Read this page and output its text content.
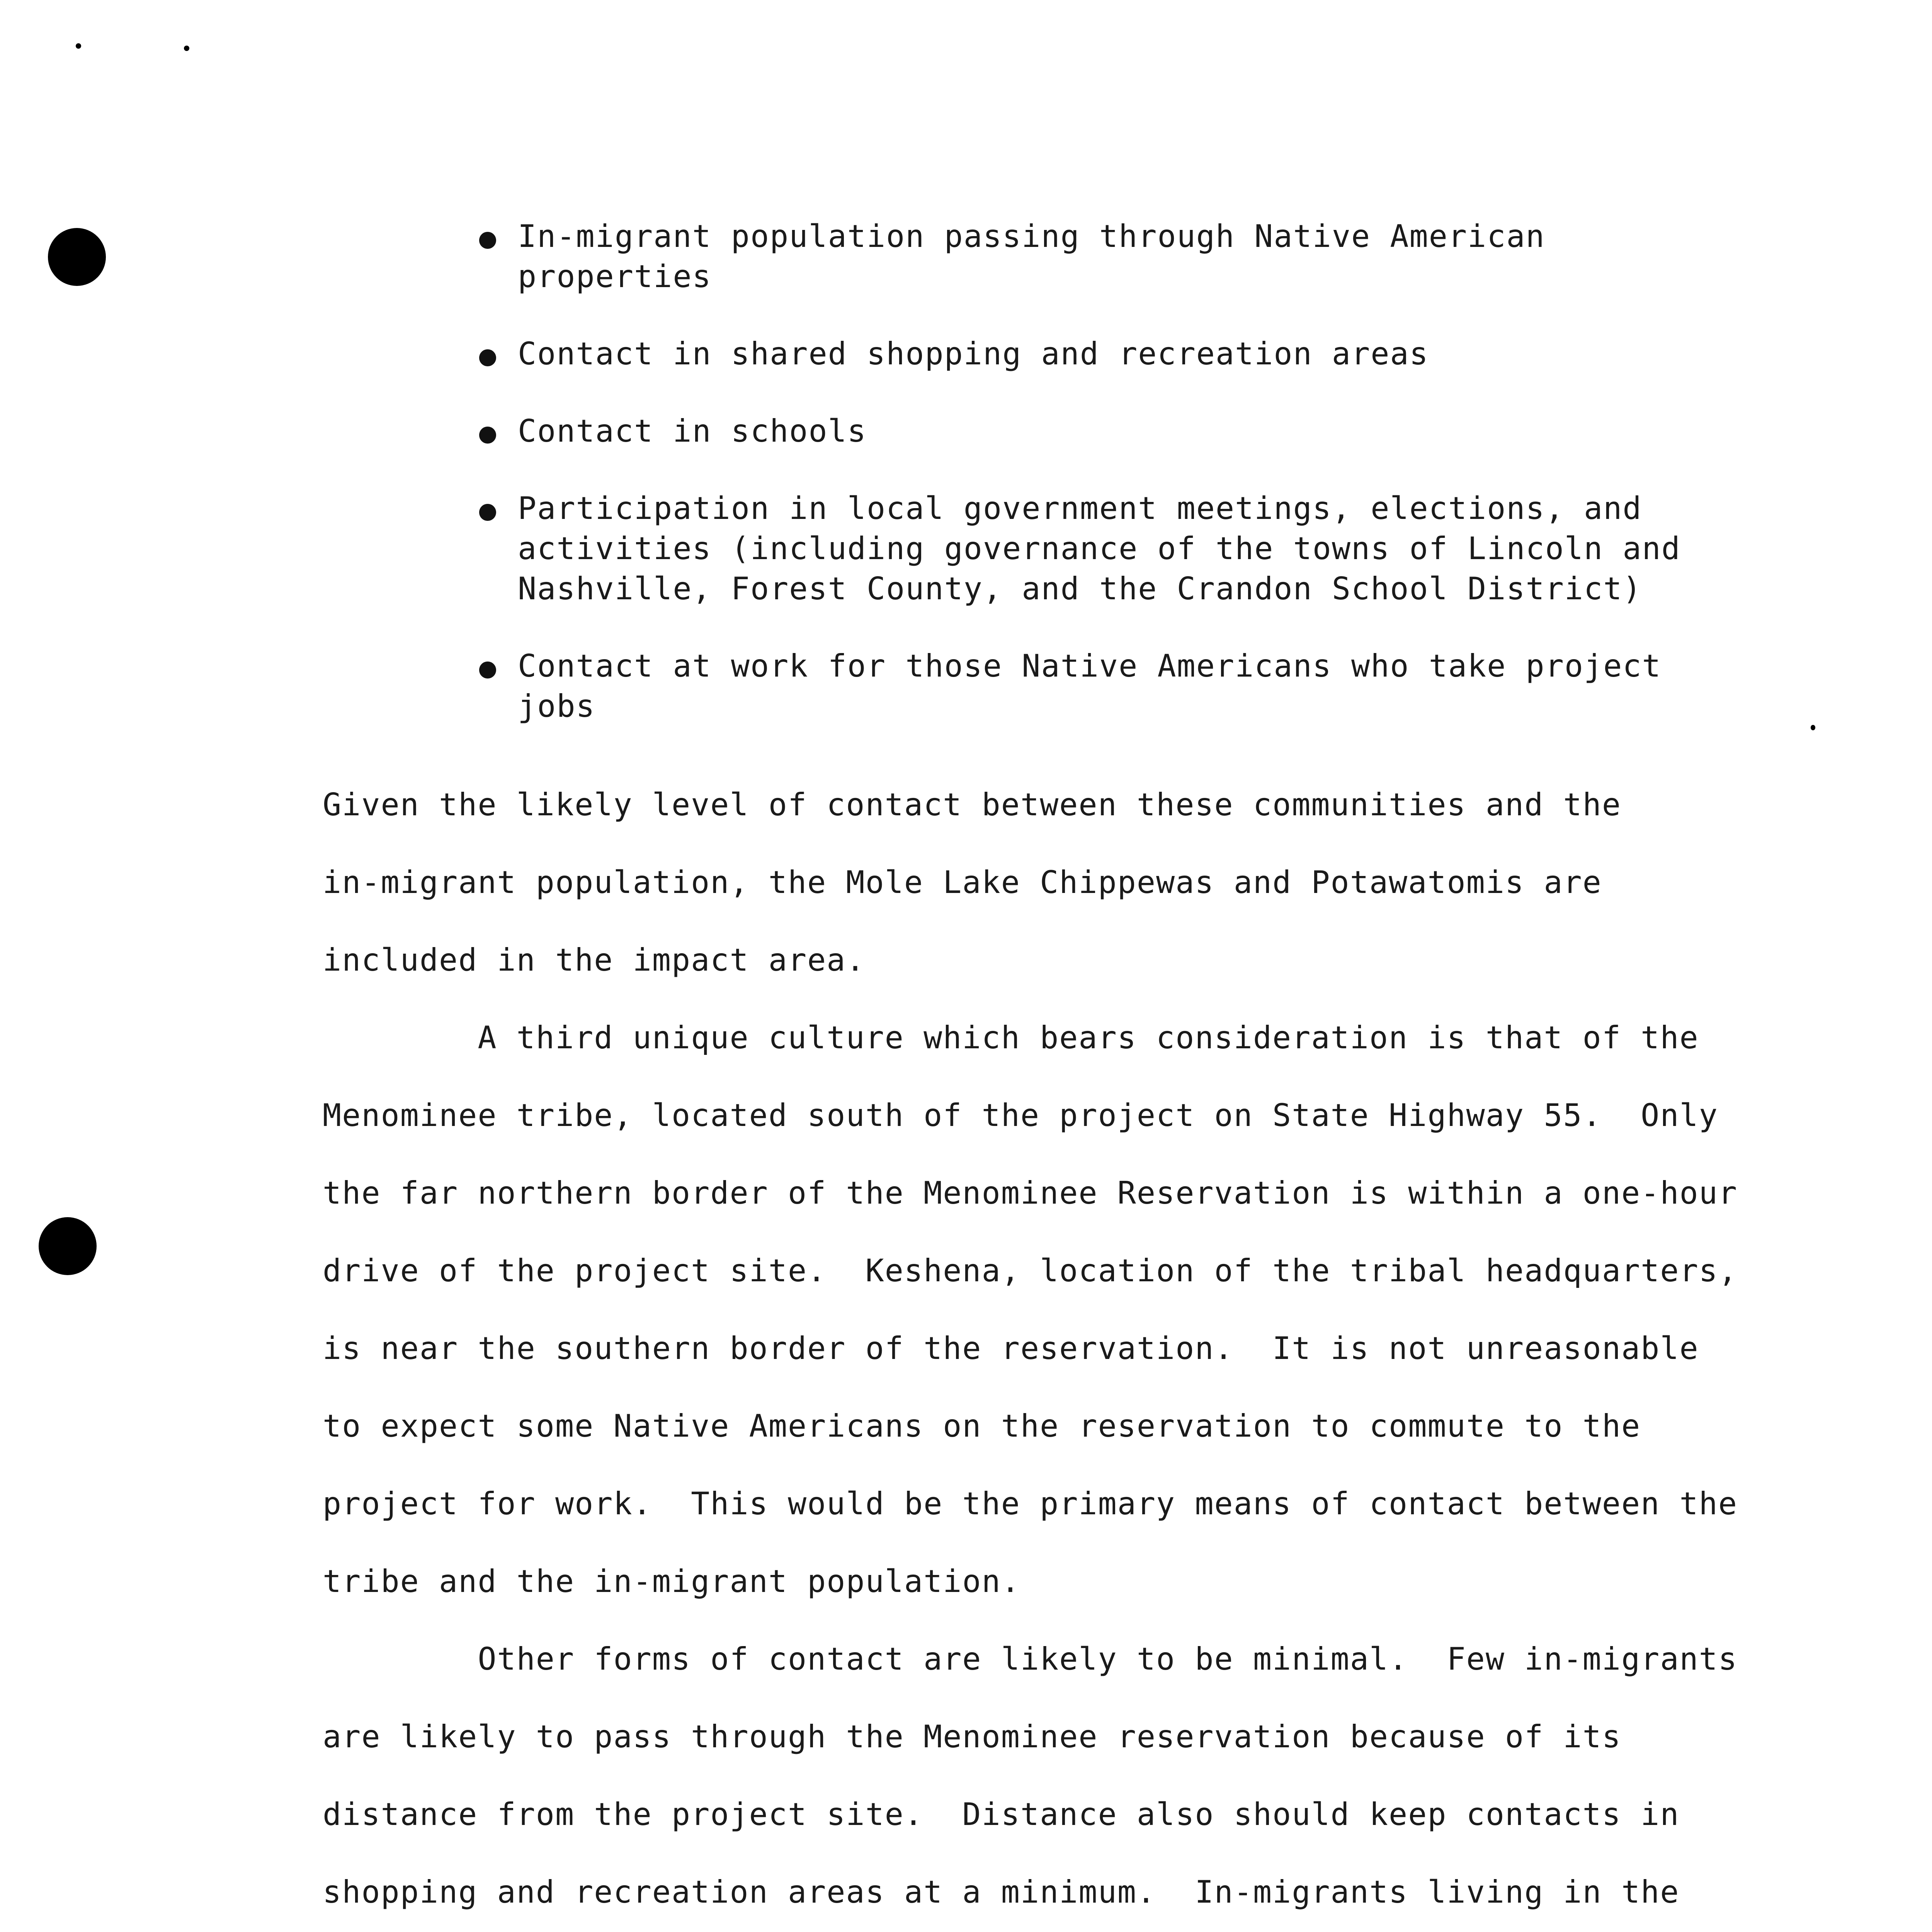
In-migrant population passing through Native American
properties
Contact in shared shopping and recreation areas
Contact in schools
Participation in local government meetings, elections, and
activities (including governance of the towns of Lincoln and
Nashville, Forest County, and the Crandon School District)
Contact at work for those Native Americans who take project
jobs
Given the likely level of contact between these communities and the
in-migrant population, the Mole Lake Chippewas and Potawatomis are
included in the impact area.
A third unique culture which bears consideration is that of the
Menominee tribe, located south of the project on State Highway 55.  Only
the far northern border of the Menominee Reservation is within a one-hour
drive of the project site.  Keshena, location of the tribal headquarters,
is near the southern border of the reservation.  It is not unreasonable
to expect some Native Americans on the reservation to commute to the
project for work.  This would be the primary means of contact between the
tribe and the in-migrant population.
Other forms of contact are likely to be minimal.  Few in-migrants
are likely to pass through the Menominee reservation because of its
distance from the project site.  Distance also should keep contacts in
shopping and recreation areas at a minimum.  In-migrants living in the
